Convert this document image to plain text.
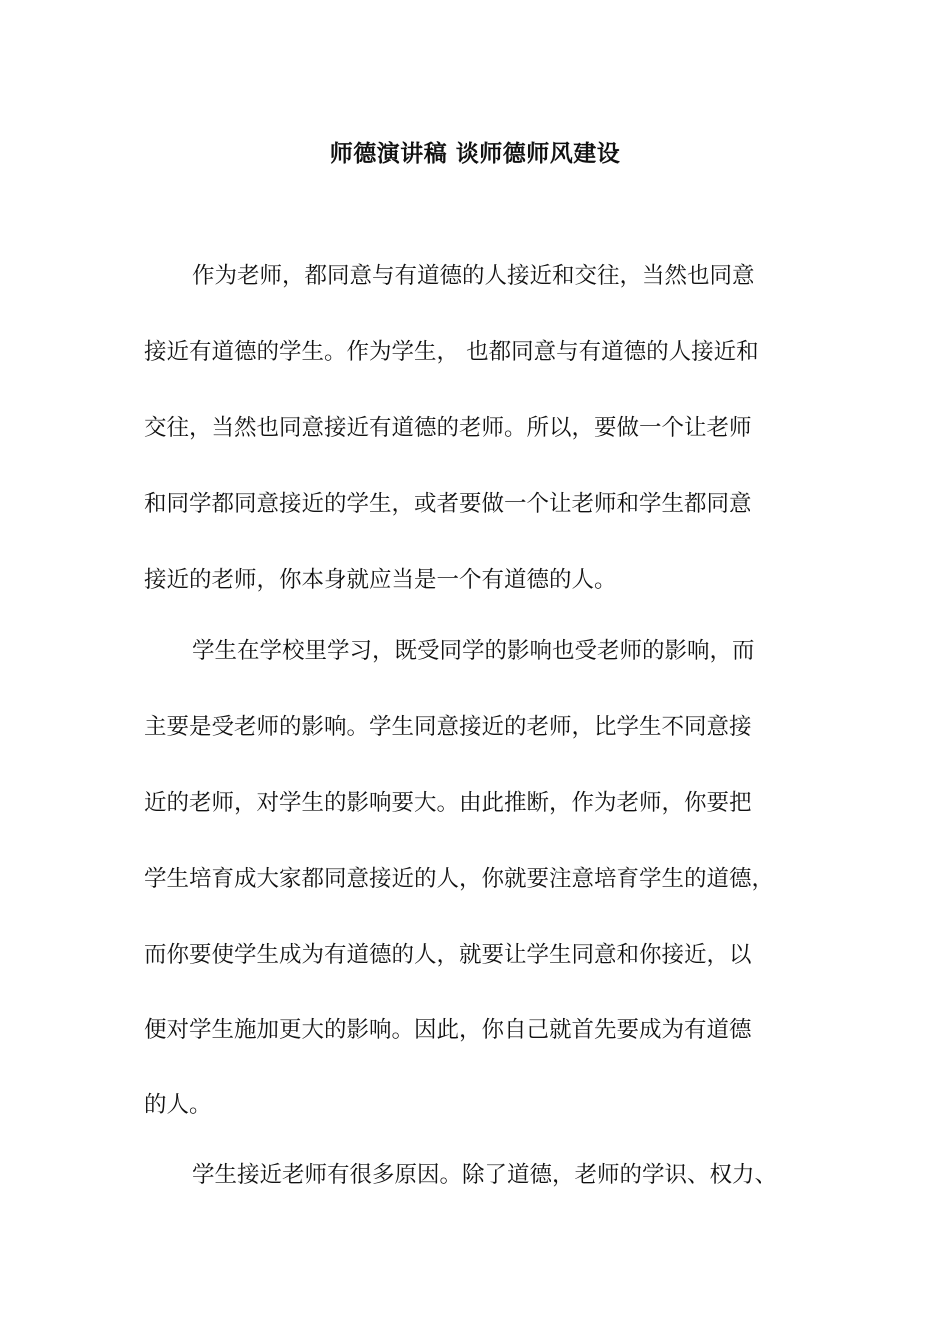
师德演讲稿 谈师德师风建设
作为老师，都同意与有道德的人接近和交往，当然也同意
接近有道德的学生。作为学生， 也都同意与有道德的人接近和
交往，当然也同意接近有道德的老师。所以，要做一个让老师
和同学都同意接近的学生，或者要做一个让老师和学生都同意
接近的老师，你本身就应当是一个有道德的人。
学生在学校里学习，既受同学的影响也受老师的影响，而
主要是受老师的影响。学生同意接近的老师，比学生不同意接
近的老师，对学生的影响要大。由此推断，作为老师，你要把
学生培育成大家都同意接近的人，你就要注意培育学生的道德，
而你要使学生成为有道德的人，就要让学生同意和你接近，以
便对学生施加更大的影响。因此，你自己就首先要成为有道德
的人。
学生接近老师有很多原因。除了道德，老师的学识、权力、
